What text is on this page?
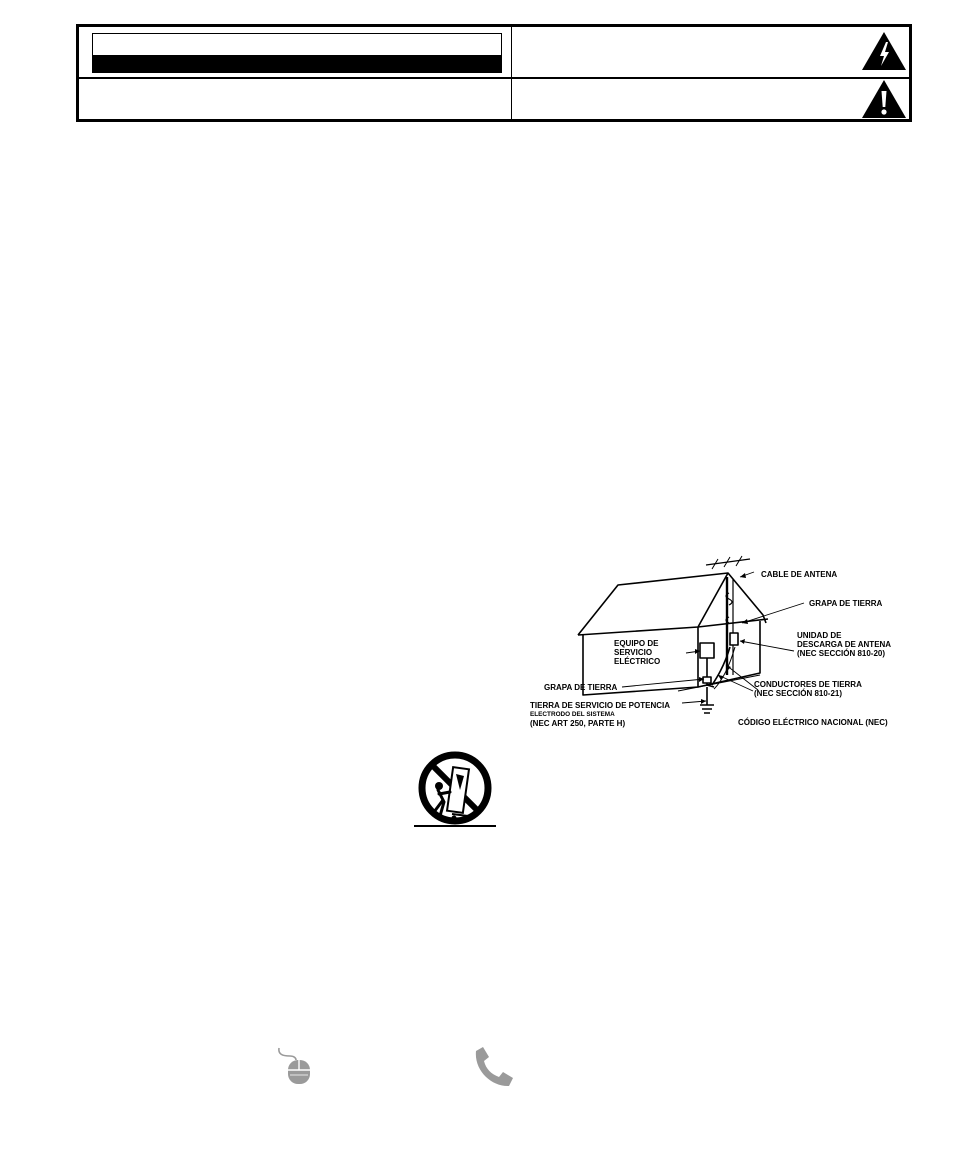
CABLE DE ANTENA
GRAPA DE TIERRA
UNIDAD DE
DESCARGA DE ANTENA
(NEC SECCIÓN 810-20)
EQUIPO DE
SERVICIO
ELÉCTRICO
GRAPA DE TIERRA	CONDUCTORES DE TIERRA
(NEC SECCIÓN 810-21)
TIERRA DE SERVICIO DE POTENCIA
ELECTRODO DEL SISTEMA
(NEC ART 250, PARTE H)	CÓDIGO ELÉCTRICO NACIONAL (NEC)
